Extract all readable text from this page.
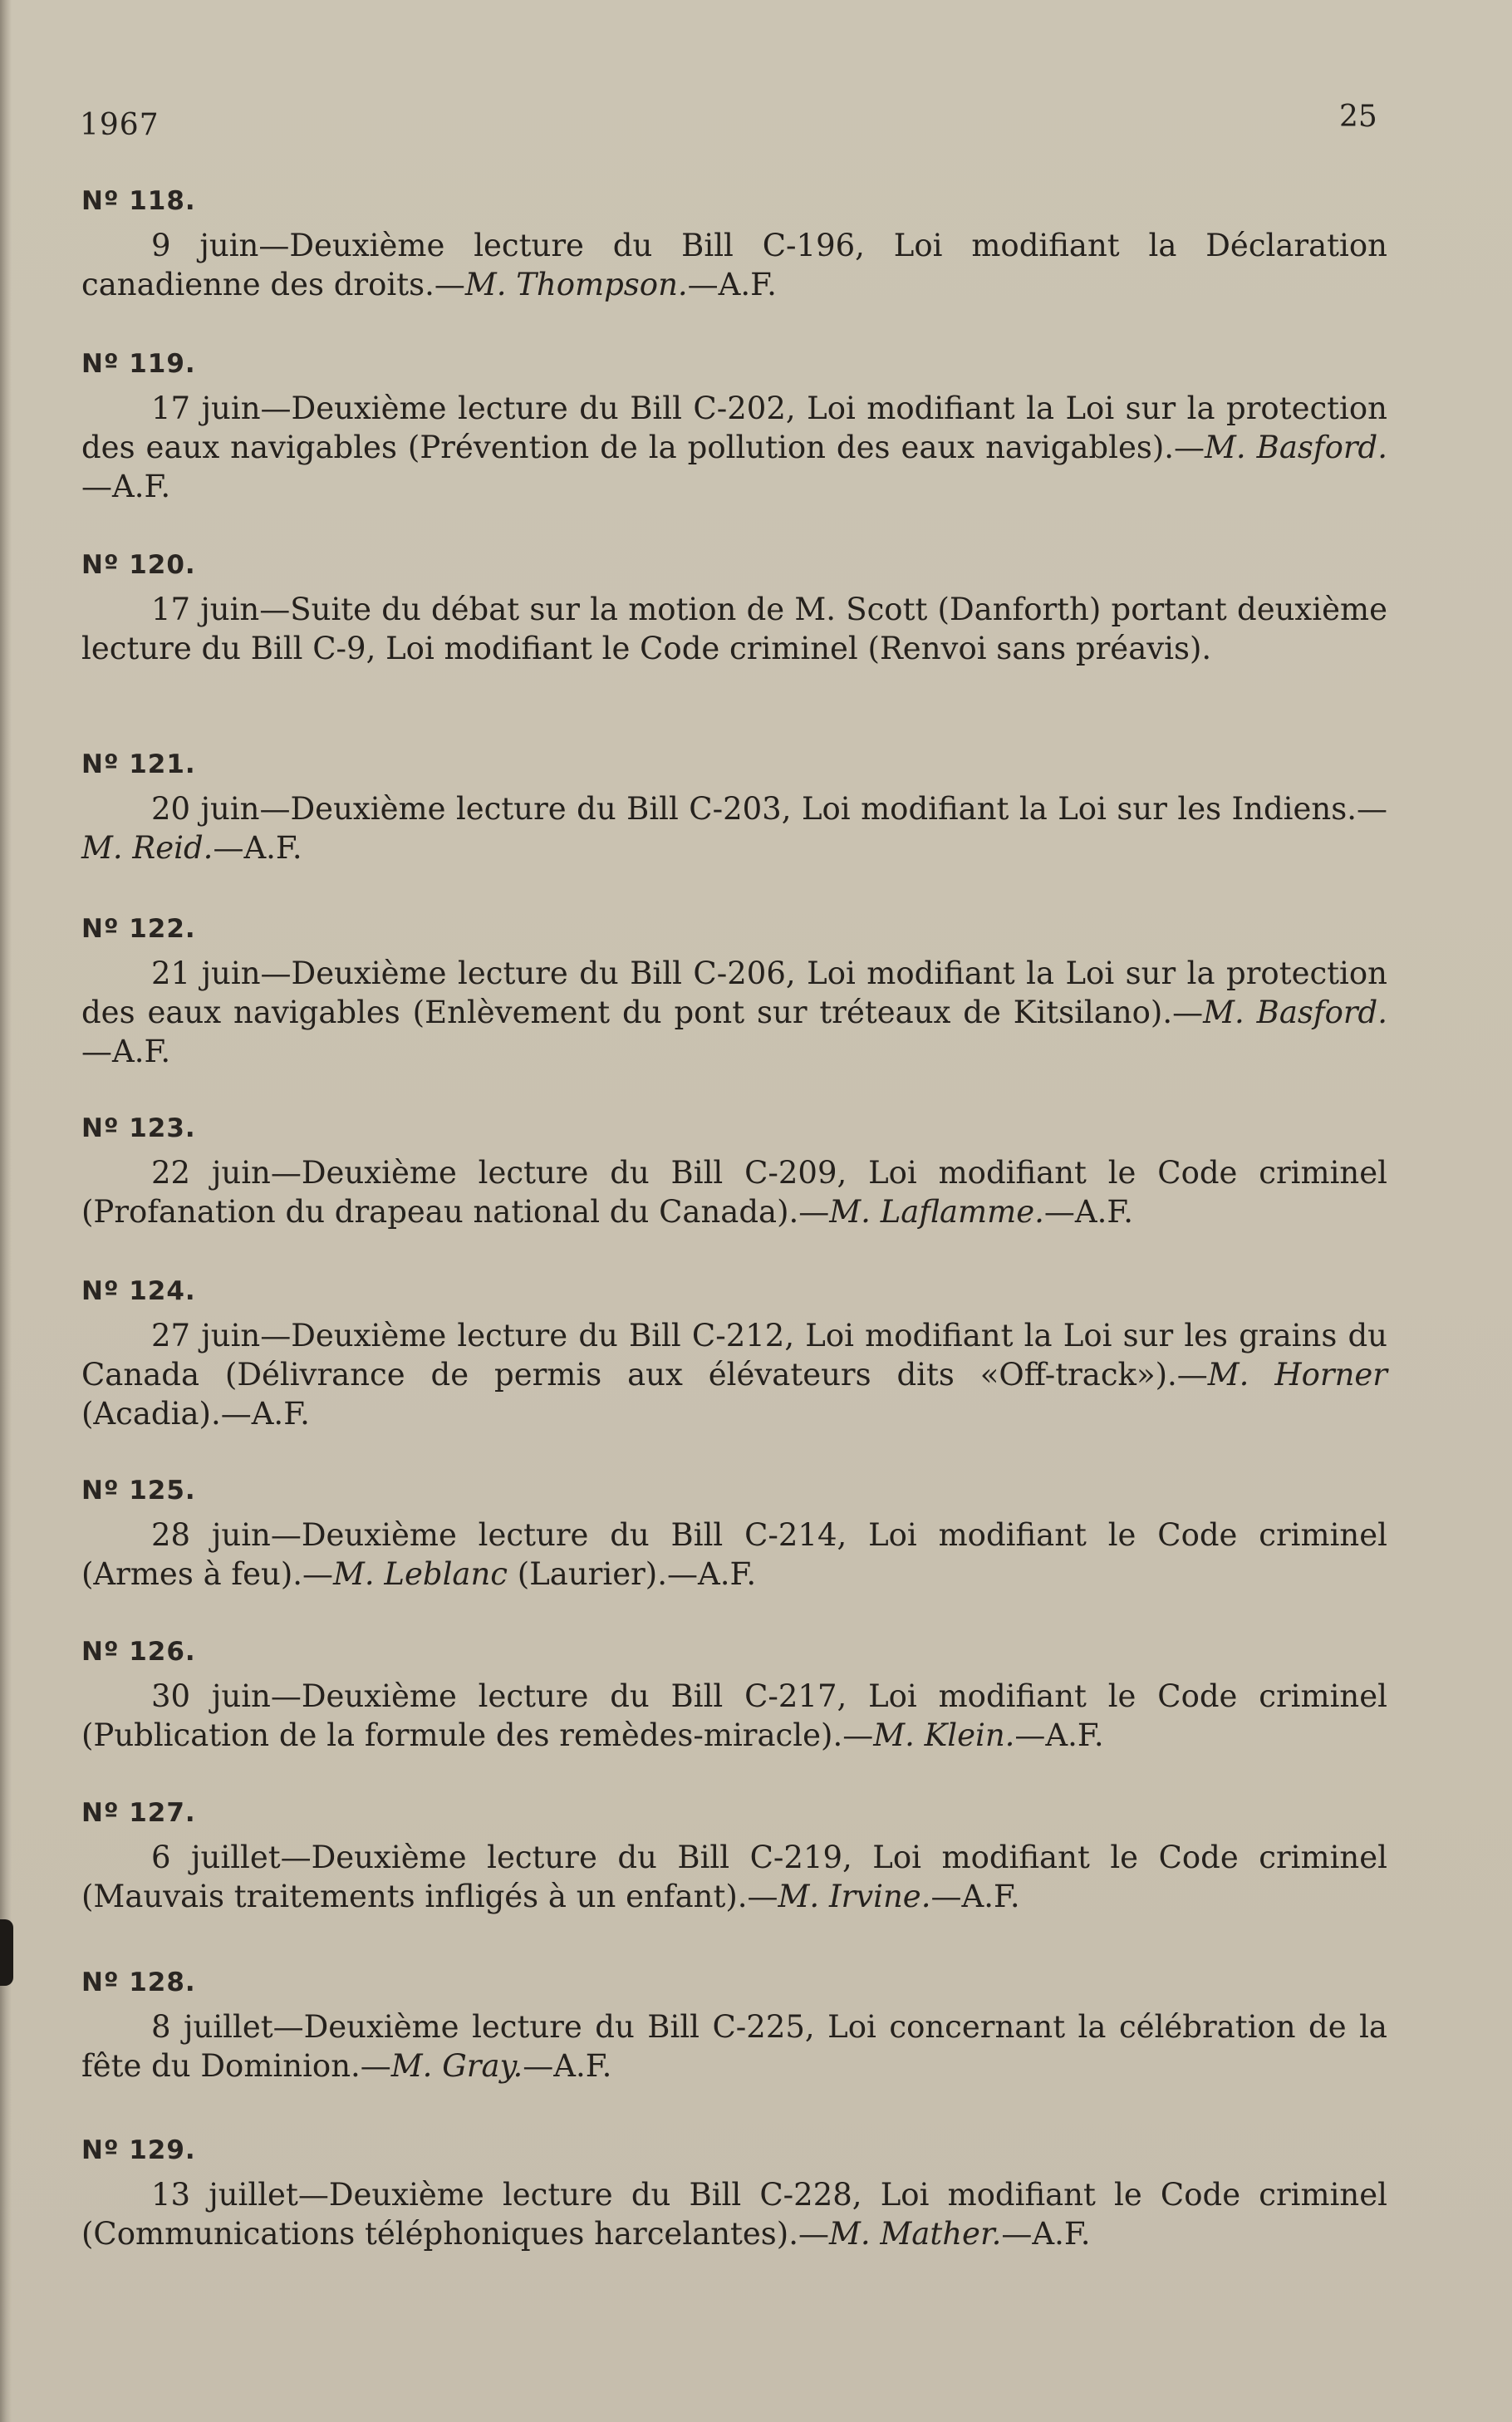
1967	25
Nº 118.
9 juin—Deuxième lecture du Bill C-196, Loi modifiant la Déclaration canadienne des droits.—M. Thompson.—A.F.
Nº 119.
17 juin—Deuxième lecture du Bill C-202, Loi modifiant la Loi sur la protection des eaux navigables (Prévention de la pollution des eaux navigables).—M. Basford.—A.F.
Nº 120.
17 juin—Suite du débat sur la motion de M. Scott (Danforth) portant deuxième lecture du Bill C-9, Loi modifiant le Code criminel (Renvoi sans préavis).
Nº 121.
20 juin—Deuxième lecture du Bill C-203, Loi modifiant la Loi sur les Indiens.—M. Reid.—A.F.
Nº 122.
21 juin—Deuxième lecture du Bill C-206, Loi modifiant la Loi sur la protection des eaux navigables (Enlèvement du pont sur tréteaux de Kitsilano).—M. Basford.—A.F.
Nº 123.
22 juin—Deuxième lecture du Bill C-209, Loi modifiant le Code criminel (Profanation du drapeau national du Canada).—M. Laflamme.—A.F.
Nº 124.
27 juin—Deuxième lecture du Bill C-212, Loi modifiant la Loi sur les grains du Canada (Délivrance de permis aux élévateurs dits «Off-track»).—M. Horner (Acadia).—A.F.
Nº 125.
28 juin—Deuxième lecture du Bill C-214, Loi modifiant le Code criminel (Armes à feu).—M. Leblanc (Laurier).—A.F.
Nº 126.
30 juin—Deuxième lecture du Bill C-217, Loi modifiant le Code criminel (Publication de la formule des remèdes-miracle).—M. Klein.—A.F.
Nº 127.
6 juillet—Deuxième lecture du Bill C-219, Loi modifiant le Code criminel (Mauvais traitements infligés à un enfant).—M. Irvine.—A.F.
Nº 128.
8 juillet—Deuxième lecture du Bill C-225, Loi concernant la célébration de la fête du Dominion.—M. Gray.—A.F.
Nº 129.
13 juillet—Deuxième lecture du Bill C-228, Loi modifiant le Code criminel (Communications téléphoniques harcelantes).—M. Mather.—A.F.
